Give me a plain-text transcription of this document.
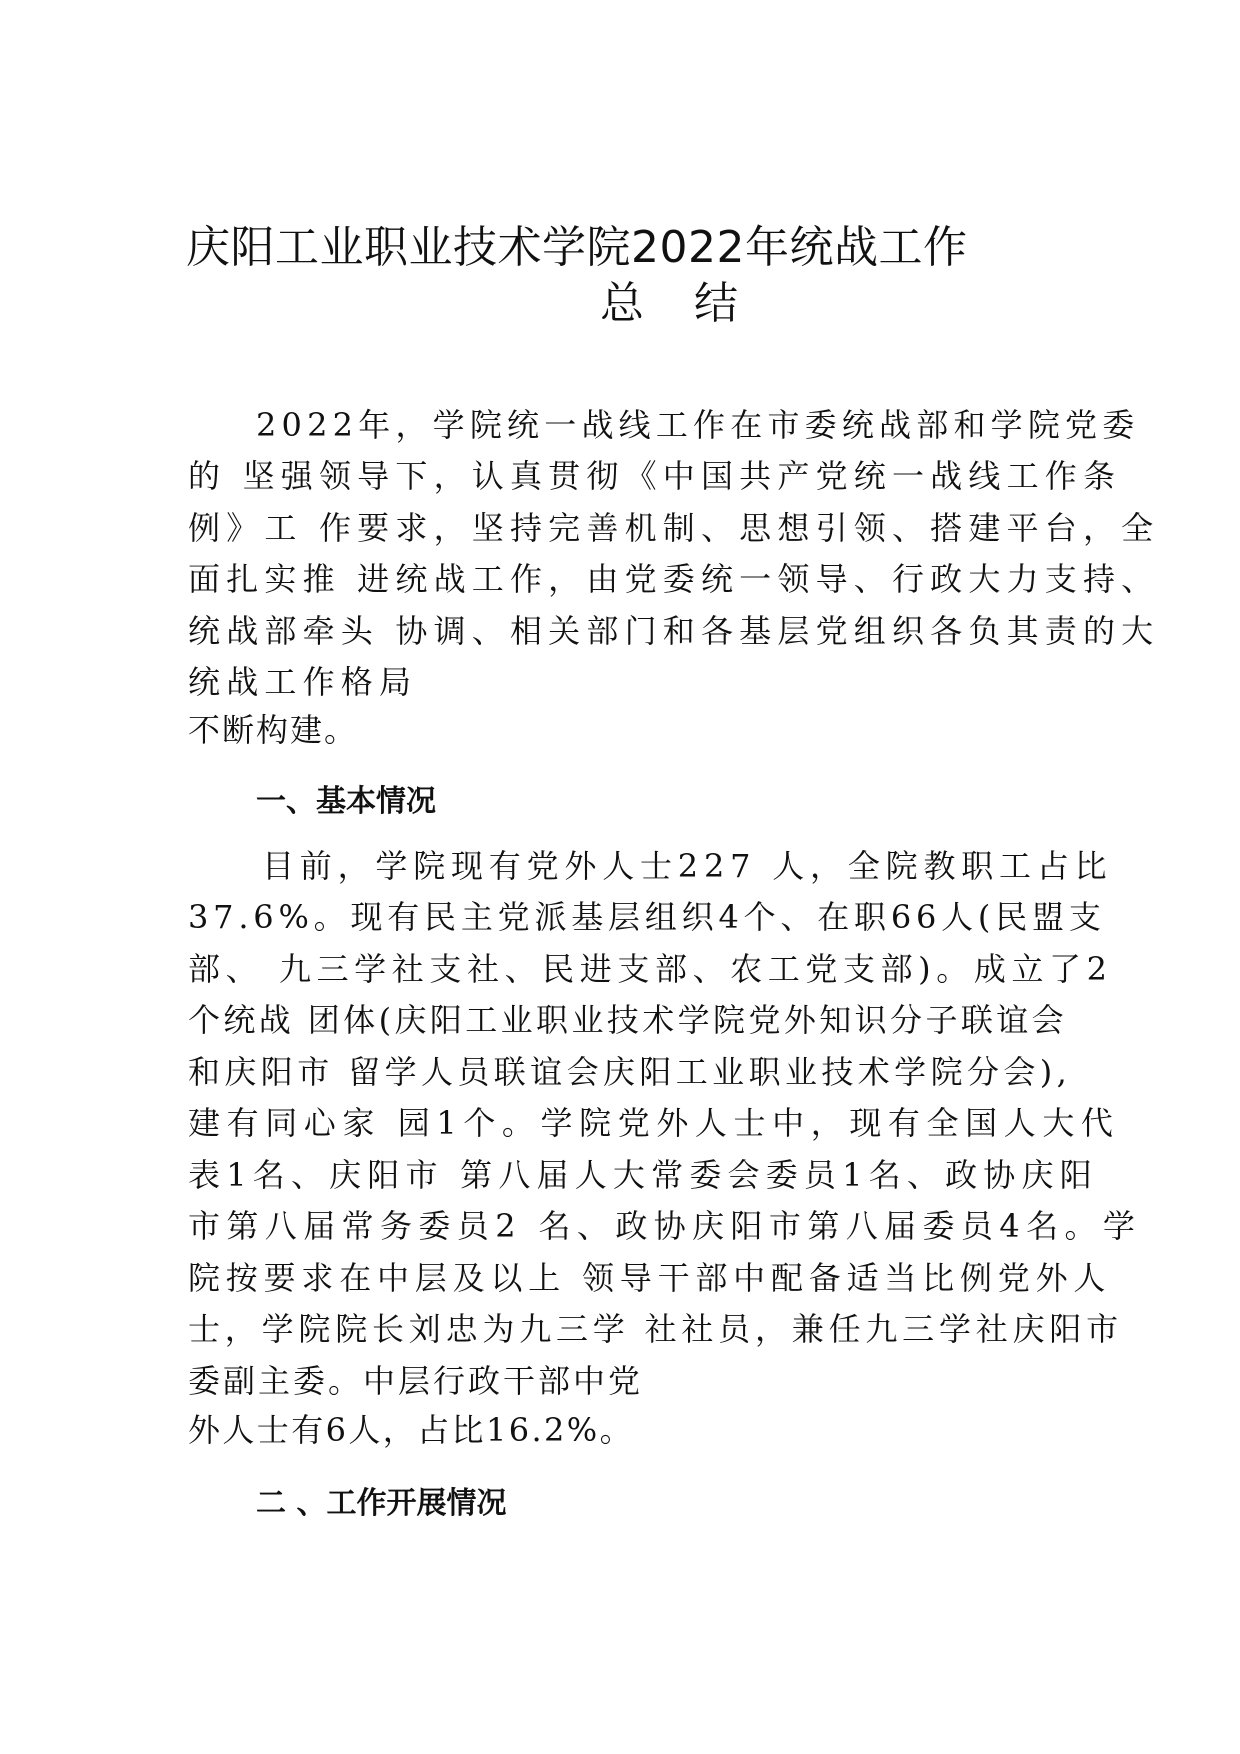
庆阳工业职业技术学院2022年统战工作
总 结

2022年，学院统一战线工作在市委统战部和学院党委

的 坚强领导下，认真贯彻《中国共产党统一战线工作条

例》工 作要求，坚持完善机制、思想引领、搭建平台，全

面扎实推 进统战工作，由党委统一领导、行政大力支持、

统战部牵头 协调、相关部门和各基层党组织各负其责的大

统战工作格局

不断构建。

一、基本情况

目前，学院现有党外人士227 人，全院教职工占比

37.6%。现有民主党派基层组织4个、在职66人(民盟支

部、 九三学社支社、民进支部、农工党支部)。成立了2

个统战 团体(庆阳工业职业技术学院党外知识分子联谊会

和庆阳市 留学人员联谊会庆阳工业职业技术学院分会),

建有同心家 园1个。学院党外人士中，现有全国人大代

表1名、庆阳市 第八届人大常委会委员1名、政协庆阳

市第八届常务委员2 名、政协庆阳市第八届委员4名。学

院按要求在中层及以上 领导干部中配备适当比例党外人

士，学院院长刘忠为九三学 社社员，兼任九三学社庆阳市

委副主委。中层行政干部中党

外人士有6人，占比16.2%。

二 、工作开展情况
